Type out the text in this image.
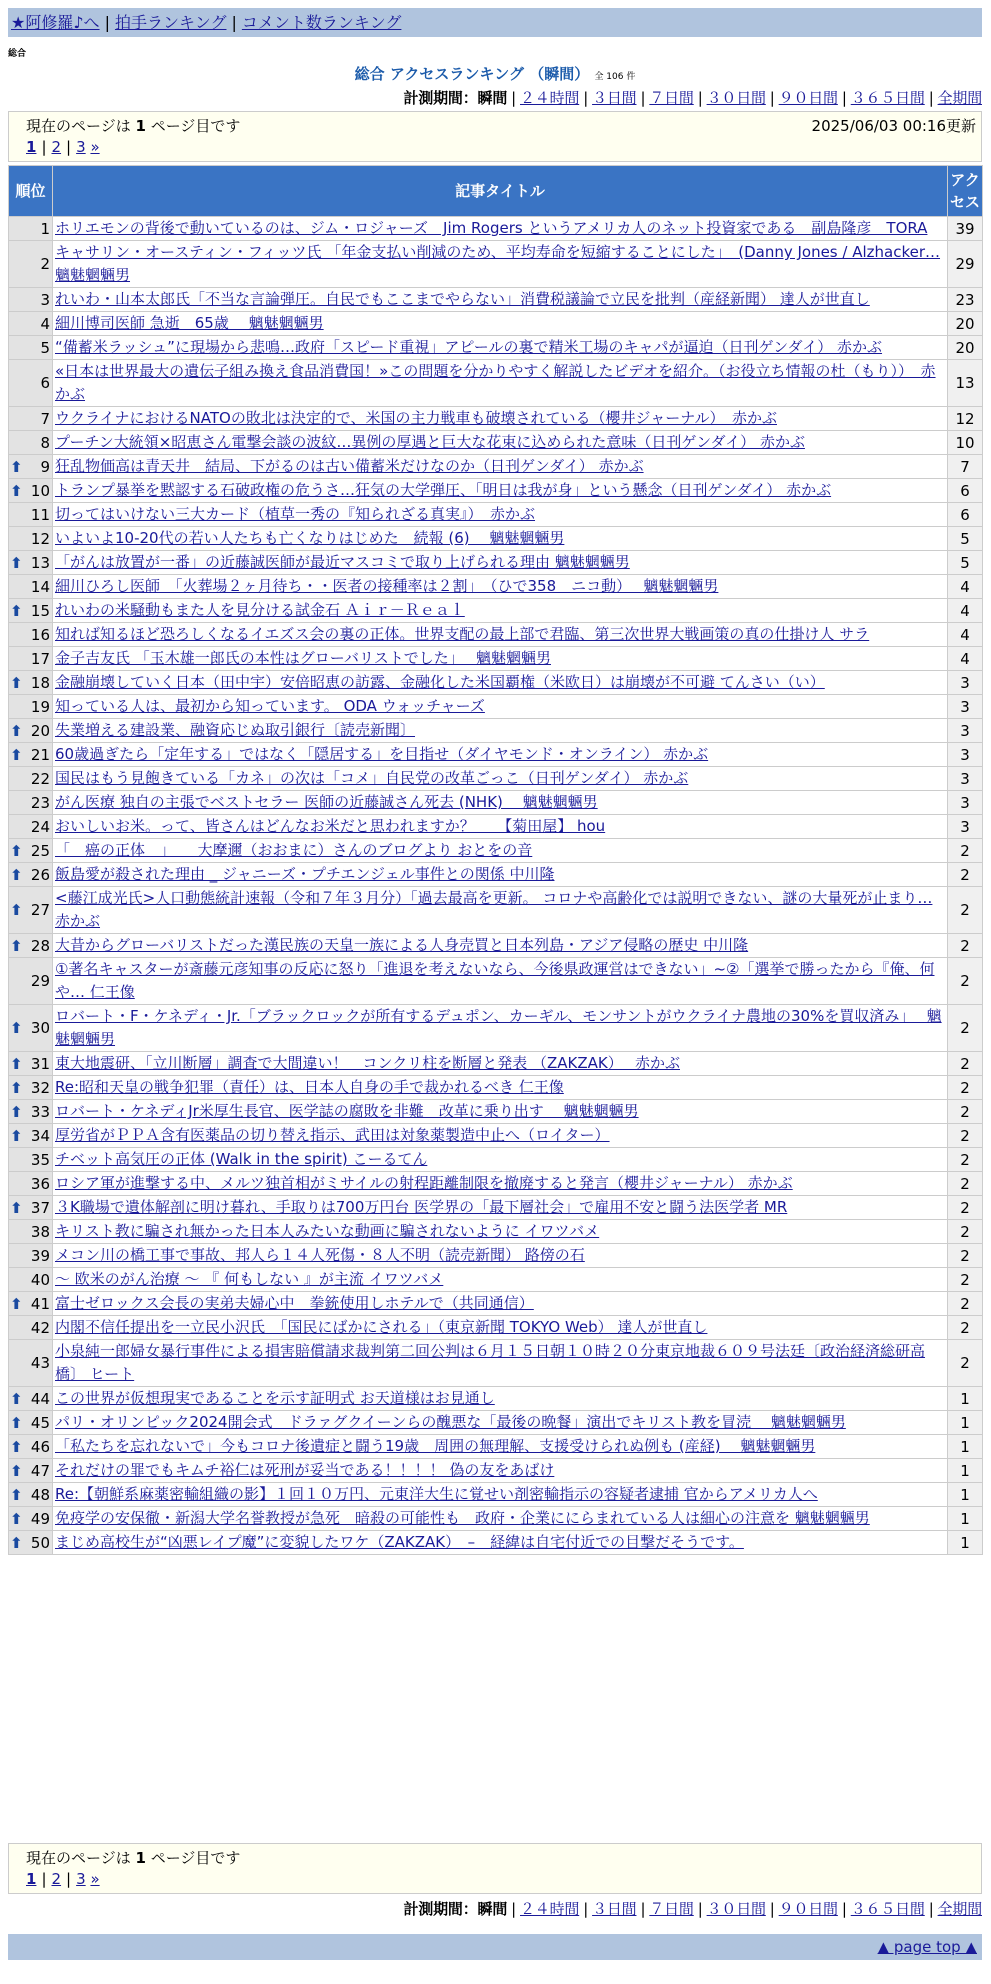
★阿修羅♪へ | 拍手ランキング | コメント数ランキング
総合
総合 アクセスランキング （瞬間） 全 106 件
計測期間：瞬間 | ２４時間 | ３日間 | ７日間 | ３０日間 | ９０日間 | ３６５日間 | 全期間
現在のページは 1 ページ目です	2025/06/03 00:16更新
1 | 2 | 3 »
順位	記事タイトル	アクセス
1	ホリエモンの背後で動いているのは、ジム・ロジャーズ　Jim Rogers というアメリカ人のネット投資家である　副島隆彦　TORA	39
2	キャサリン・オースティン・フィッツ氏 「年金支払い削減のため、平均寿命を短縮することにした」　(Danny Jones / Alzhacker… 魑魅魍魎男	29
3	れいわ・山本太郎氏「不当な言論弾圧。自民でもここまでやらない」消費税議論で立民を批判（産経新聞） 達人が世直し	23
4	細川博司医師 急逝　65歳　 魑魅魍魎男	20
5	“備蓄米ラッシュ”に現場から悲鳴…政府「スピード重視」アピールの裏で精米工場のキャパが逼迫（日刊ゲンダイ） 赤かぶ	20
6	«日本は世界最大の遺伝子組み換え食品消費国！»この問題を分かりやすく解説したビデオを紹介。（お役立ち情報の杜（もり））　赤かぶ	13
7	ウクライナにおけるNATOの敗北は決定的で、米国の主力戦車も破壊されている（櫻井ジャーナル）　赤かぶ	12
8	プーチン大統領×昭恵さん電撃会談の波紋…異例の厚遇と巨大な花束に込められた意味（日刊ゲンダイ） 赤かぶ	10

⬆ 9	狂乱物価高は青天井　結局、下がるのは古い備蓄米だけなのか（日刊ゲンダイ） 赤かぶ	7

⬆ 10	トランプ暴挙を黙認する石破政権の危うさ…狂気の大学弾圧、「明日は我が身」という懸念（日刊ゲンダイ） 赤かぶ	6
11	切ってはいけない三大カード（植草一秀の『知られざる真実』）　赤かぶ	6
12	いよいよ10-20代の若い人たちも亡くなりはじめた　続報 (6)　 魑魅魍魎男	5

⬆ 13	「がんは放置が一番」の近藤誠医師が最近マスコミで取り上げられる理由 魑魅魍魎男	5
14	細川ひろし医師　「火葬場２ヶ月待ち・・医者の接種率は２割」　（ひで358　ニコ動）　 魑魅魍魎男	4

⬆ 15	れいわの米騒動もまた人を見分ける試金石 Ａｉｒ－Ｒｅａｌ	4
16	知れば知るほど恐ろしくなるイエズス会の裏の正体。世界支配の最上部で君臨、第三次世界大戦画策の真の仕掛け人 サラ	4
17	金子吉友氏 「玉木雄一郎氏の本性はグローバリストでした」　 魑魅魍魎男	4

⬆ 18	金融崩壊していく日本（田中宇）安倍昭恵の訪露、金融化した米国覇権（米欧日）は崩壊が不可避 てんさい（い）	3
19	知っている人は、最初から知っています。 ODA ウォッチャーズ	3

⬆ 20	失業増える建設業、融資応じぬ取引銀行〔読売新聞〕	3

⬆ 21	60歳過ぎたら「定年する」ではなく「隠居する」を目指せ（ダイヤモンド・オンライン） 赤かぶ	3
22	国民はもう見飽きている「カネ」の次は「コメ」自民党の改革ごっこ（日刊ゲンダイ） 赤かぶ	3
23	がん医療 独自の主張でベストセラー 医師の近藤誠さん死去 (NHK)　 魑魅魍魎男	3
24	おいしいお米。って、皆さんはどんなお米だと思われますか？　　【菊田屋】 hou	3

⬆ 25	「　癌の正体　」　　大摩邇（おおまに）さんのブログより おとをの音	2

⬆ 26	飯島愛が殺された理由 _ ジャニーズ・プチエンジェル事件との関係 中川隆	2

⬆ 27	<藤江成光氏>人口動態統計速報（令和７年３月分）「過去最高を更新。 コロナや高齢化では説明できない、謎の大量死が止まり… 赤かぶ	2

⬆ 28	大昔からグローバリストだった漢民族の天皇一族による人身売買と日本列島・アジア侵略の歴史 中川隆	2
29	①著名キャスターが斎藤元彦知事の反応に怒り「進退を考えないなら、今後県政運営はできない」~②「選挙で勝ったから『俺、何や… 仁王像	2

⬆ 30	ロバート・F・ケネディ・Jr.「ブラックロックが所有するデュポン、カーギル、モンサントがウクライナ農地の30%を買収済み」　 魑魅魍魎男	2

⬆ 31	東大地震研、「立川断層」調査で大間違い！　コンクリ柱を断層と発表 （ZAKZAK）　 赤かぶ	2

⬆ 32	Re:昭和天皇の戦争犯罪（責任）は、日本人自身の手で裁かれるべき 仁王像	2

⬆ 33	ロバート・ケネディJr米厚生長官、医学誌の腐敗を非難　改革に乗り出す　 魑魅魍魎男	2

⬆ 34	厚労省がＰＰＡ含有医薬品の切り替え指示、武田は対象薬製造中止へ（ロイター）	2
35	チベット高気圧の正体 (Walk in the spirit) こーるてん	2
36	ロシア軍が進撃する中、メルツ独首相がミサイルの射程距離制限を撤廃すると発言（櫻井ジャーナル） 赤かぶ	2

⬆ 37	３K職場で遺体解剖に明け暮れ、手取りは700万円台 医学界の「最下層社会」で雇用不安と闘う法医学者 MR	2
38	キリスト教に騙され無かった日本人みたいな動画に騙されないように イワツバメ	2
39	メコン川の橋工事で事故、邦人ら１４人死傷・８人不明（読売新聞） 路傍の石	2
40	～ 欧米のがん治療 ～ 『 何もしない 』が主流 イワツバメ	2

⬆ 41	富士ゼロックス会長の実弟夫婦心中　拳銃使用しホテルで（共同通信）	2
42	内閣不信任提出を一立民小沢氏　「国民にばかにされる」（東京新聞 TOKYO Web） 達人が世直し	2
43	小泉純一郎婦女暴行事件による損害賠償請求裁判第二回公判は６月１５日朝１０時２０分東京地裁６０９号法廷〔政治経済総研高橋〕 ヒート	2

⬆ 44	この世界が仮想現実であることを示す証明式 お天道様はお見通し	1

⬆ 45	パリ・オリンピック2024開会式　ドラァグクイーンらの醜悪な「最後の晩餐」演出でキリスト教を冒涜　 魑魅魍魎男	1

⬆ 46	「私たちを忘れないで」今もコロナ後遺症と闘う19歳　周囲の無理解、支援受けられぬ例も (産経)　 魑魅魍魎男	1

⬆ 47	それだけの罪でもキムチ裕仁は死刑が妥当である！！！！ 偽の友をあばけ	1

⬆ 48	Re:【朝鮮系麻薬密輸組織の影】１回１０万円、元東洋大生に覚せい剤密輸指示の容疑者逮捕 官からアメリカ人へ	1

⬆ 49	免疫学の安保徹・新潟大学名誉教授が急死　暗殺の可能性も　政府・企業ににらまれている人は細心の注意を 魑魅魍魎男	1

⬆ 50	まじめ高校生が“凶悪レイプ魔”に変貌したワケ（ZAKZAK）　–　経緯は自宅付近での目撃だそうです。	1
現在のページは 1 ページ目です
1 | 2 | 3 »
計測期間：瞬間 | ２４時間 | ３日間 | ７日間 | ３０日間 | ９０日間 | ３６５日間 | 全期間
▲ page top ▲
